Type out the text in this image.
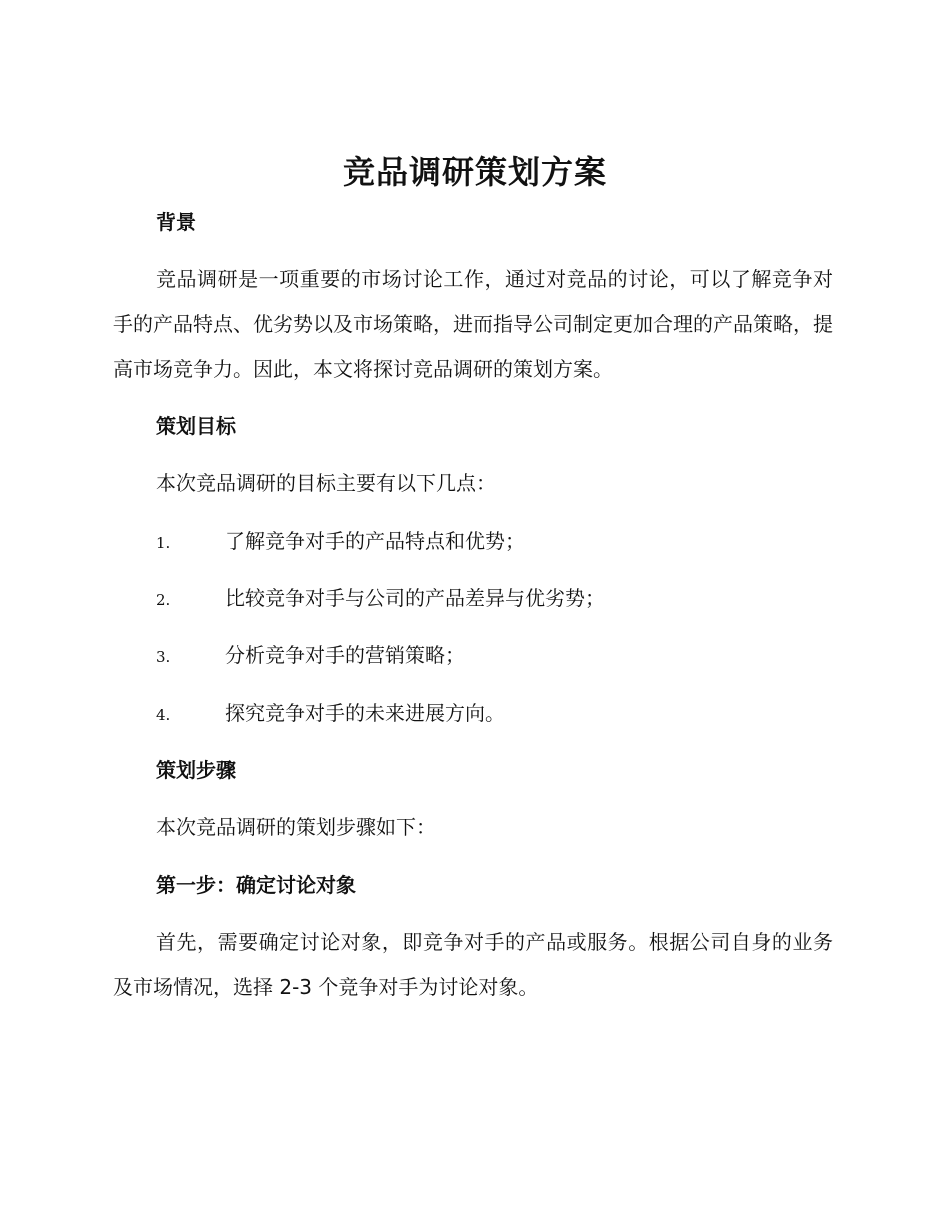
竞品调研策划方案
背景
竞品调研是一项重要的市场讨论工作，通过对竞品的讨论，可以了解竞争对手的产品特点、优劣势以及市场策略，进而指导公司制定更加合理的产品策略，提高市场竞争力。因此，本文将探讨竞品调研的策划方案。
策划目标
本次竞品调研的目标主要有以下几点：
1.	了解竞争对手的产品特点和优势；
2.	比较竞争对手与公司的产品差异与优劣势；
3.	分析竞争对手的营销策略；
4.	探究竞争对手的未来进展方向。
策划步骤
本次竞品调研的策划步骤如下：
第一步：确定讨论对象
首先，需要确定讨论对象，即竞争对手的产品或服务。根据公司自身的业务及市场情况，选择 2-3 个竞争对手为讨论对象。
